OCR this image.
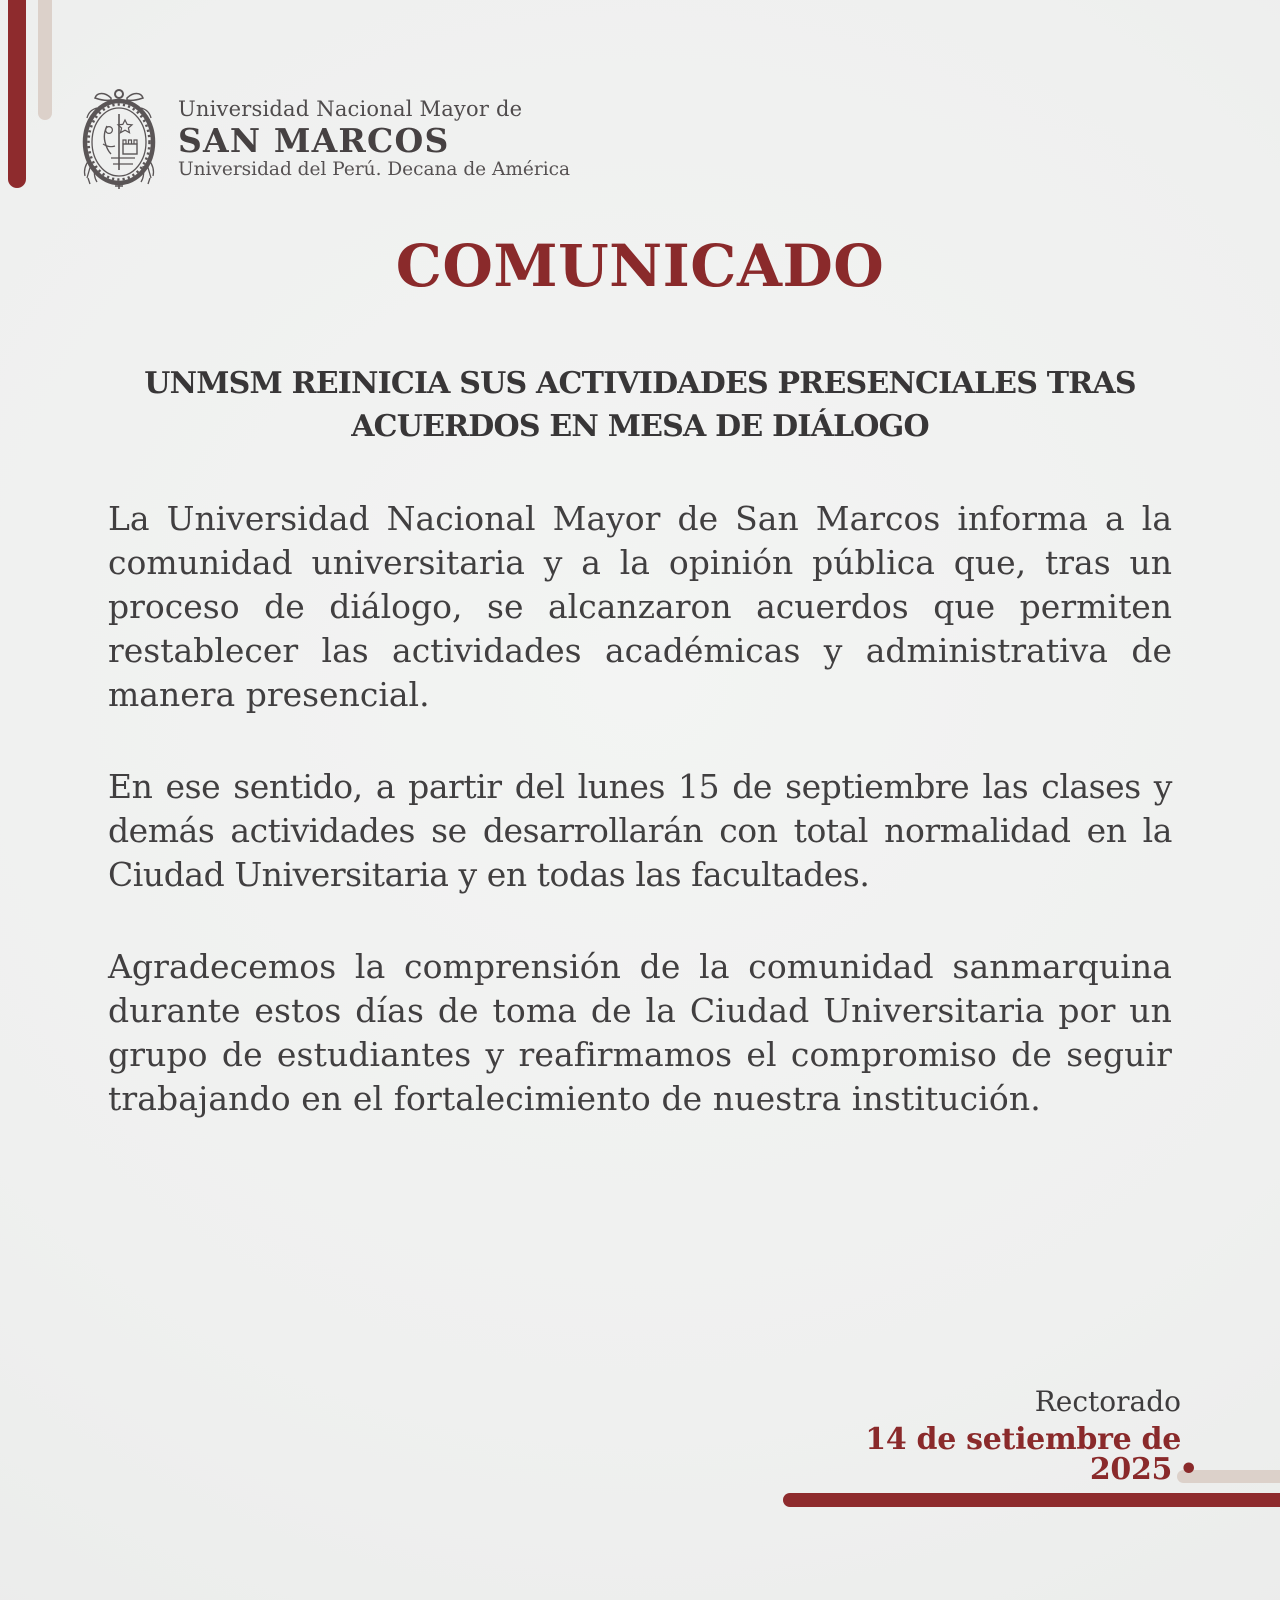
Universidad Nacional Mayor de
SAN MARCOS
Universidad del Perú. Decana de América
COMUNICADO
UNMSM REINICIA SUS ACTIVIDADES PRESENCIALES TRAS
ACUERDOS EN MESA DE DIÁLOGO

La Universidad Nacional Mayor de San Marcos informa a la comunidad universitaria y a la opinión pública que, tras un proceso de diálogo, se alcanzaron acuerdos que permiten restablecer las actividades académicas y administrativa de manera presencial.

En ese sentido, a partir del lunes 15 de septiembre las clases y demás actividades se desarrollarán con total normalidad en la Ciudad Universitaria y en todas las facultades.

Agradecemos la comprensión de la comunidad sanmarquina durante estos días de toma de la Ciudad Universitaria por un grupo de estudiantes y reafirmamos el compromiso de seguir trabajando en el fortalecimiento de nuestra institución.

Rectorado
14 de setiembre de 2025 •
